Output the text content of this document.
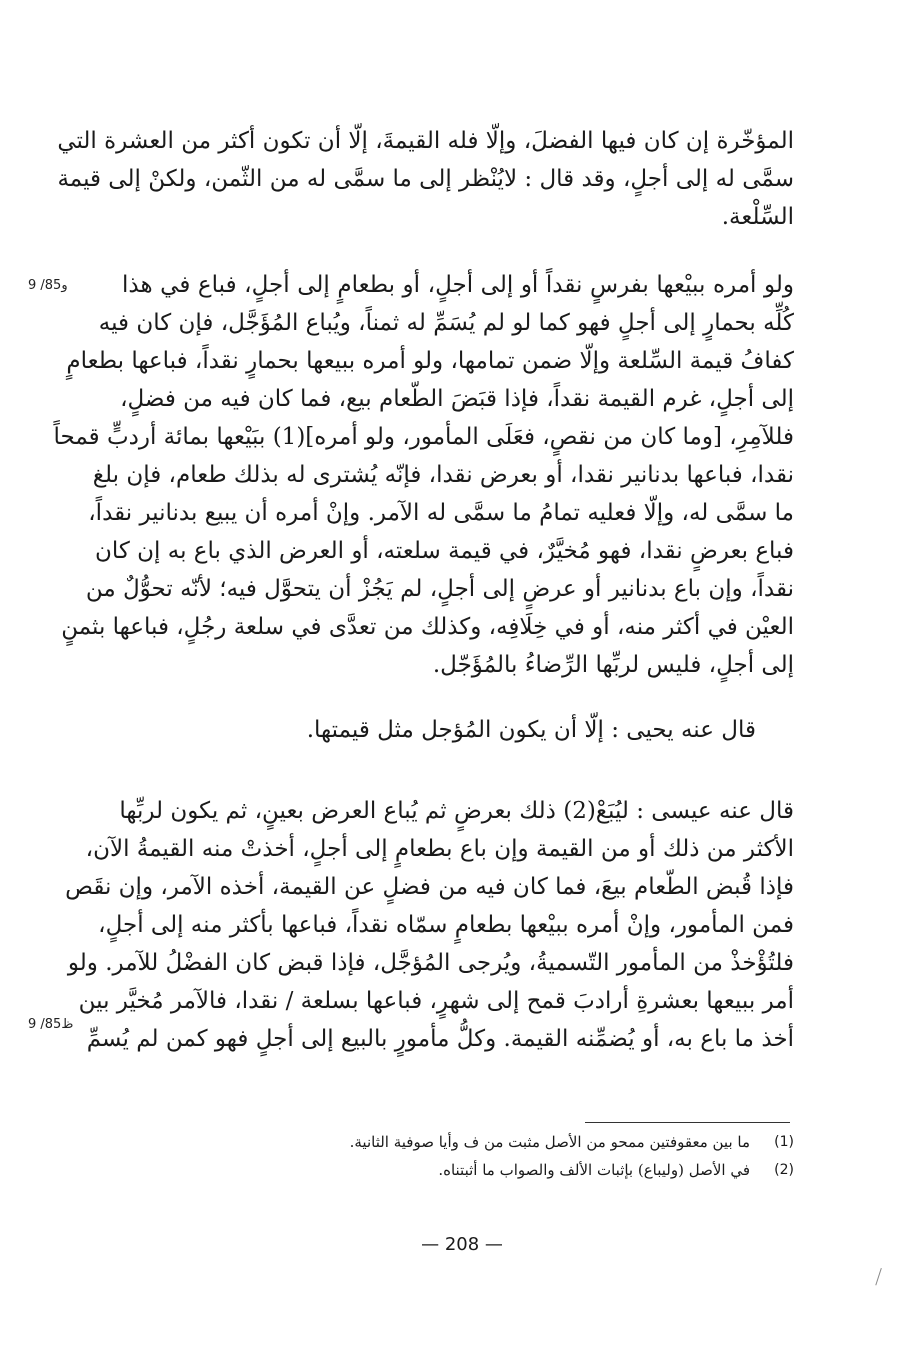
المؤخّرة إن كان فيها الفضلَ، وإلّا فله القيمةَ، إلّا أن تكون أكثر من العشرة التي
سمَّى له إلى أجلٍ، وقد قال : لايُنْظر إلى ما سمَّى له من الثّمن، ولكنْ إلى قيمة
السِّلْعة.
ولو أمره ببيْعها بفرسٍ نقداً أو إلى أجلٍ، أو بطعامٍ إلى أجلٍ، فباع في هذا
كُلِّه بحمارٍ إلى أجلٍ فهو كما لو لم يُسَمِّ له ثمناً، ويُباع المُؤَجَّل، فإن كان فيه
كفافُ قيمة السِّلعة وإلّا ضمن تمامها، ولو أمره ببيعها بحمارٍ نقداً، فباعها بطعامٍ
إلى أجلٍ، غرم القيمة نقداً، فإذا قبَضَ الطّعام بيع، فما كان فيه من فضلٍ،
فللآمِرِ، [وما كان من نقصٍ، فعَلَى المأمور، ولو أمره](1) ببَيْعها بمائة أردبٍّ قمحاً
نقدا، فباعها بدنانير نقدا، أو بعرض نقدا، فإنّه يُشترى له بذلك طعام، فإن بلغ
ما سمَّى له، وإلّا فعليه تمامُ ما سمَّى له الآمر. وإنْ أمره أن يبيع بدنانير نقداً،
فباع بعرضٍ نقدا، فهو مُخيَّرٌ، في قيمة سلعته، أو العرض الذي باع به إن كان
نقداً، وإن باع بدنانير أو عرضٍ إلى أجلٍ، لم يَجُزْ أن يتحوَّل فيه؛ لأنّه تحوُّلٌ من
العيْن في أكثر منه، أو في خِلَافِه، وكذلك من تعدَّى في سلعة رجُلٍ، فباعها بثمنٍ
إلى أجلٍ، فليس لربِّها الرِّضاءُ بالمُؤَجّل.
قال عنه يحيى : إلّا أن يكون المُؤجل مثل قيمتها.
قال عنه عيسى : ليُبَعْ(2) ذلك بعرضٍ ثم يُباع العرض بعينٍ، ثم يكون لربِّها
الأكثر من ذلك أو من القيمة وإن باع بطعامٍ إلى أجلٍ، أخذتْ منه القيمةُ الآن،
فإذا قُبض الطّعام بيعَ، فما كان فيه من فضلٍ عن القيمة، أخذه الآمر، وإن نقَص
فمن المأمور، وإنْ أمره ببيْعها بطعامٍ سمّاه نقداً، فباعها بأكثر منه إلى أجلٍ،
فلتُؤْخذْ من المأمور التّسميةُ، ويُرجى المُؤجَّل، فإذا قبض كان الفضْلُ للآمر. ولو
أمر ببيعها بعشرةِ أرادبَ قمح إلى شهرٍ، فباعها بسلعة / نقدا، فالآمر مُخيَّر بين
أخذ ما باع به، أو يُضمِّنه القيمة. وكلُّ مأمورٍ بالبيع إلى أجلٍ فهو كمن لم يُسمِّ
9 /85و
9 /85ظ
(1)
ما بين معقوفتين ممحو من الأصل مثبت من ف وأيا صوفية الثانية.
(2)
في الأصل (وليباع) بإثبات الألف والصواب ما أثبتناه.
— 208 —
